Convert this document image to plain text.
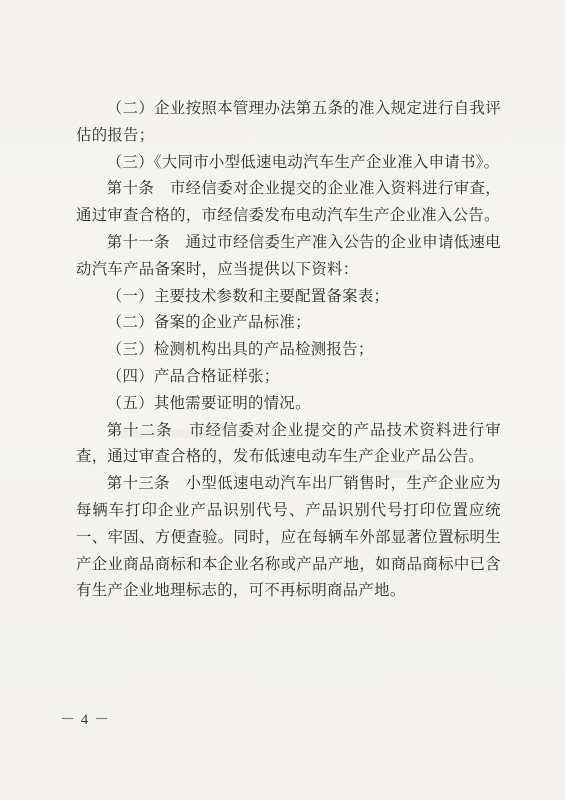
（二）企业按照本管理办法第五条的准入规定进行自我评估的报告；

（三）《大同市小型低速电动汽车生产企业准入申请书》。

第十条　市经信委对企业提交的企业准入资料进行审查，通过审查合格的，市经信委发布电动汽车生产企业准入公告。

第十一条　通过市经信委生产准入公告的企业申请低速电动汽车产品备案时，应当提供以下资料：

（一）主要技术参数和主要配置备案表；

（二）备案的企业产品标准；

（三）检测机构出具的产品检测报告；

（四）产品合格证样张；

（五）其他需要证明的情况。

第十二条　市经信委对企业提交的产品技术资料进行审查，通过审查合格的，发布低速电动车生产企业产品公告。

第十三条　小型低速电动汽车出厂销售时，生产企业应为每辆车打印企业产品识别代号、产品识别代号打印位置应统一、牢固、方便查验。同时，应在每辆车外部显著位置标明生产企业商品商标和本企业名称或产品产地，如商品商标中已含有生产企业地理标志的，可不再标明商品产地。

－ 4 －
